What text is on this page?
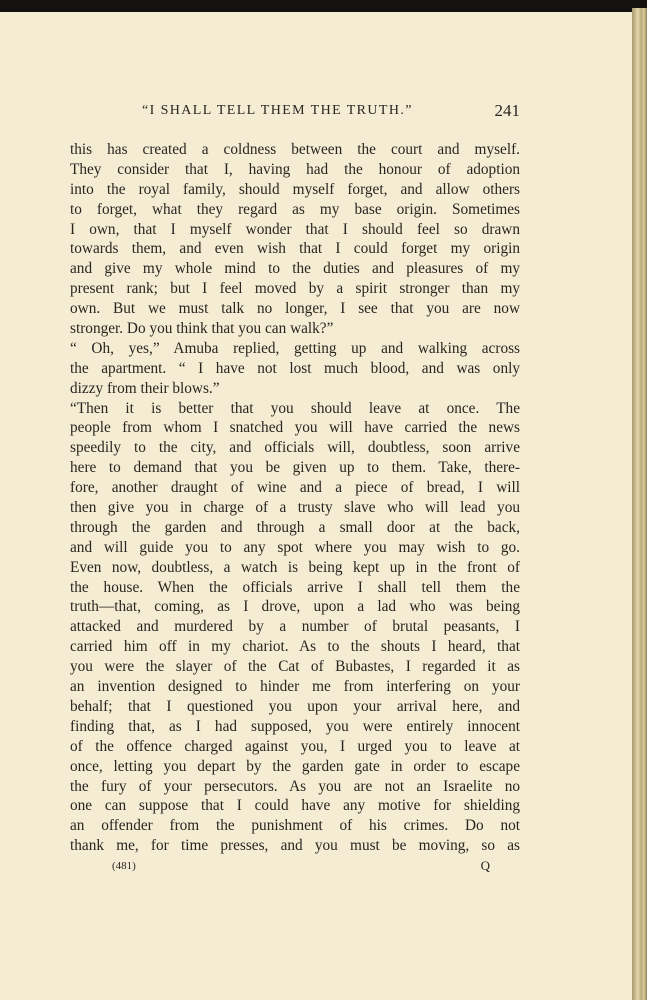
“I SHALL TELL THEM THE TRUTH.”	241
this has created a coldness between the court and myself.
They consider that I, having had the honour of adoption
into the royal family, should myself forget, and allow others
to forget, what they regard as my base origin. Sometimes
I own, that I myself wonder that I should feel so drawn
towards them, and even wish that I could forget my origin
and give my whole mind to the duties and pleasures of my
present rank; but I feel moved by a spirit stronger than my
own. But we must talk no longer, I see that you are now
stronger. Do you think that you can walk?”
“ Oh, yes,” Amuba replied, getting up and walking across
the apartment. “ I have not lost much blood, and was only
dizzy from their blows.”
“Then it is better that you should leave at once. The
people from whom I snatched you will have carried the news
speedily to the city, and officials will, doubtless, soon arrive
here to demand that you be given up to them. Take, there-
fore, another draught of wine and a piece of bread, I will
then give you in charge of a trusty slave who will lead you
through the garden and through a small door at the back,
and will guide you to any spot where you may wish to go.
Even now, doubtless, a watch is being kept up in the front of
the house. When the officials arrive I shall tell them the
truth—that, coming, as I drove, upon a lad who was being
attacked and murdered by a number of brutal peasants, I
carried him off in my chariot. As to the shouts I heard, that
you were the slayer of the Cat of Bubastes, I regarded it as
an invention designed to hinder me from interfering on your
behalf; that I questioned you upon your arrival here, and
finding that, as I had supposed, you were entirely innocent
of the offence charged against you, I urged you to leave at
once, letting you depart by the garden gate in order to escape
the fury of your persecutors. As you are not an Israelite no
one can suppose that I could have any motive for shielding
an offender from the punishment of his crimes. Do not
thank me, for time presses, and you must be moving, so as
(481)	Q
